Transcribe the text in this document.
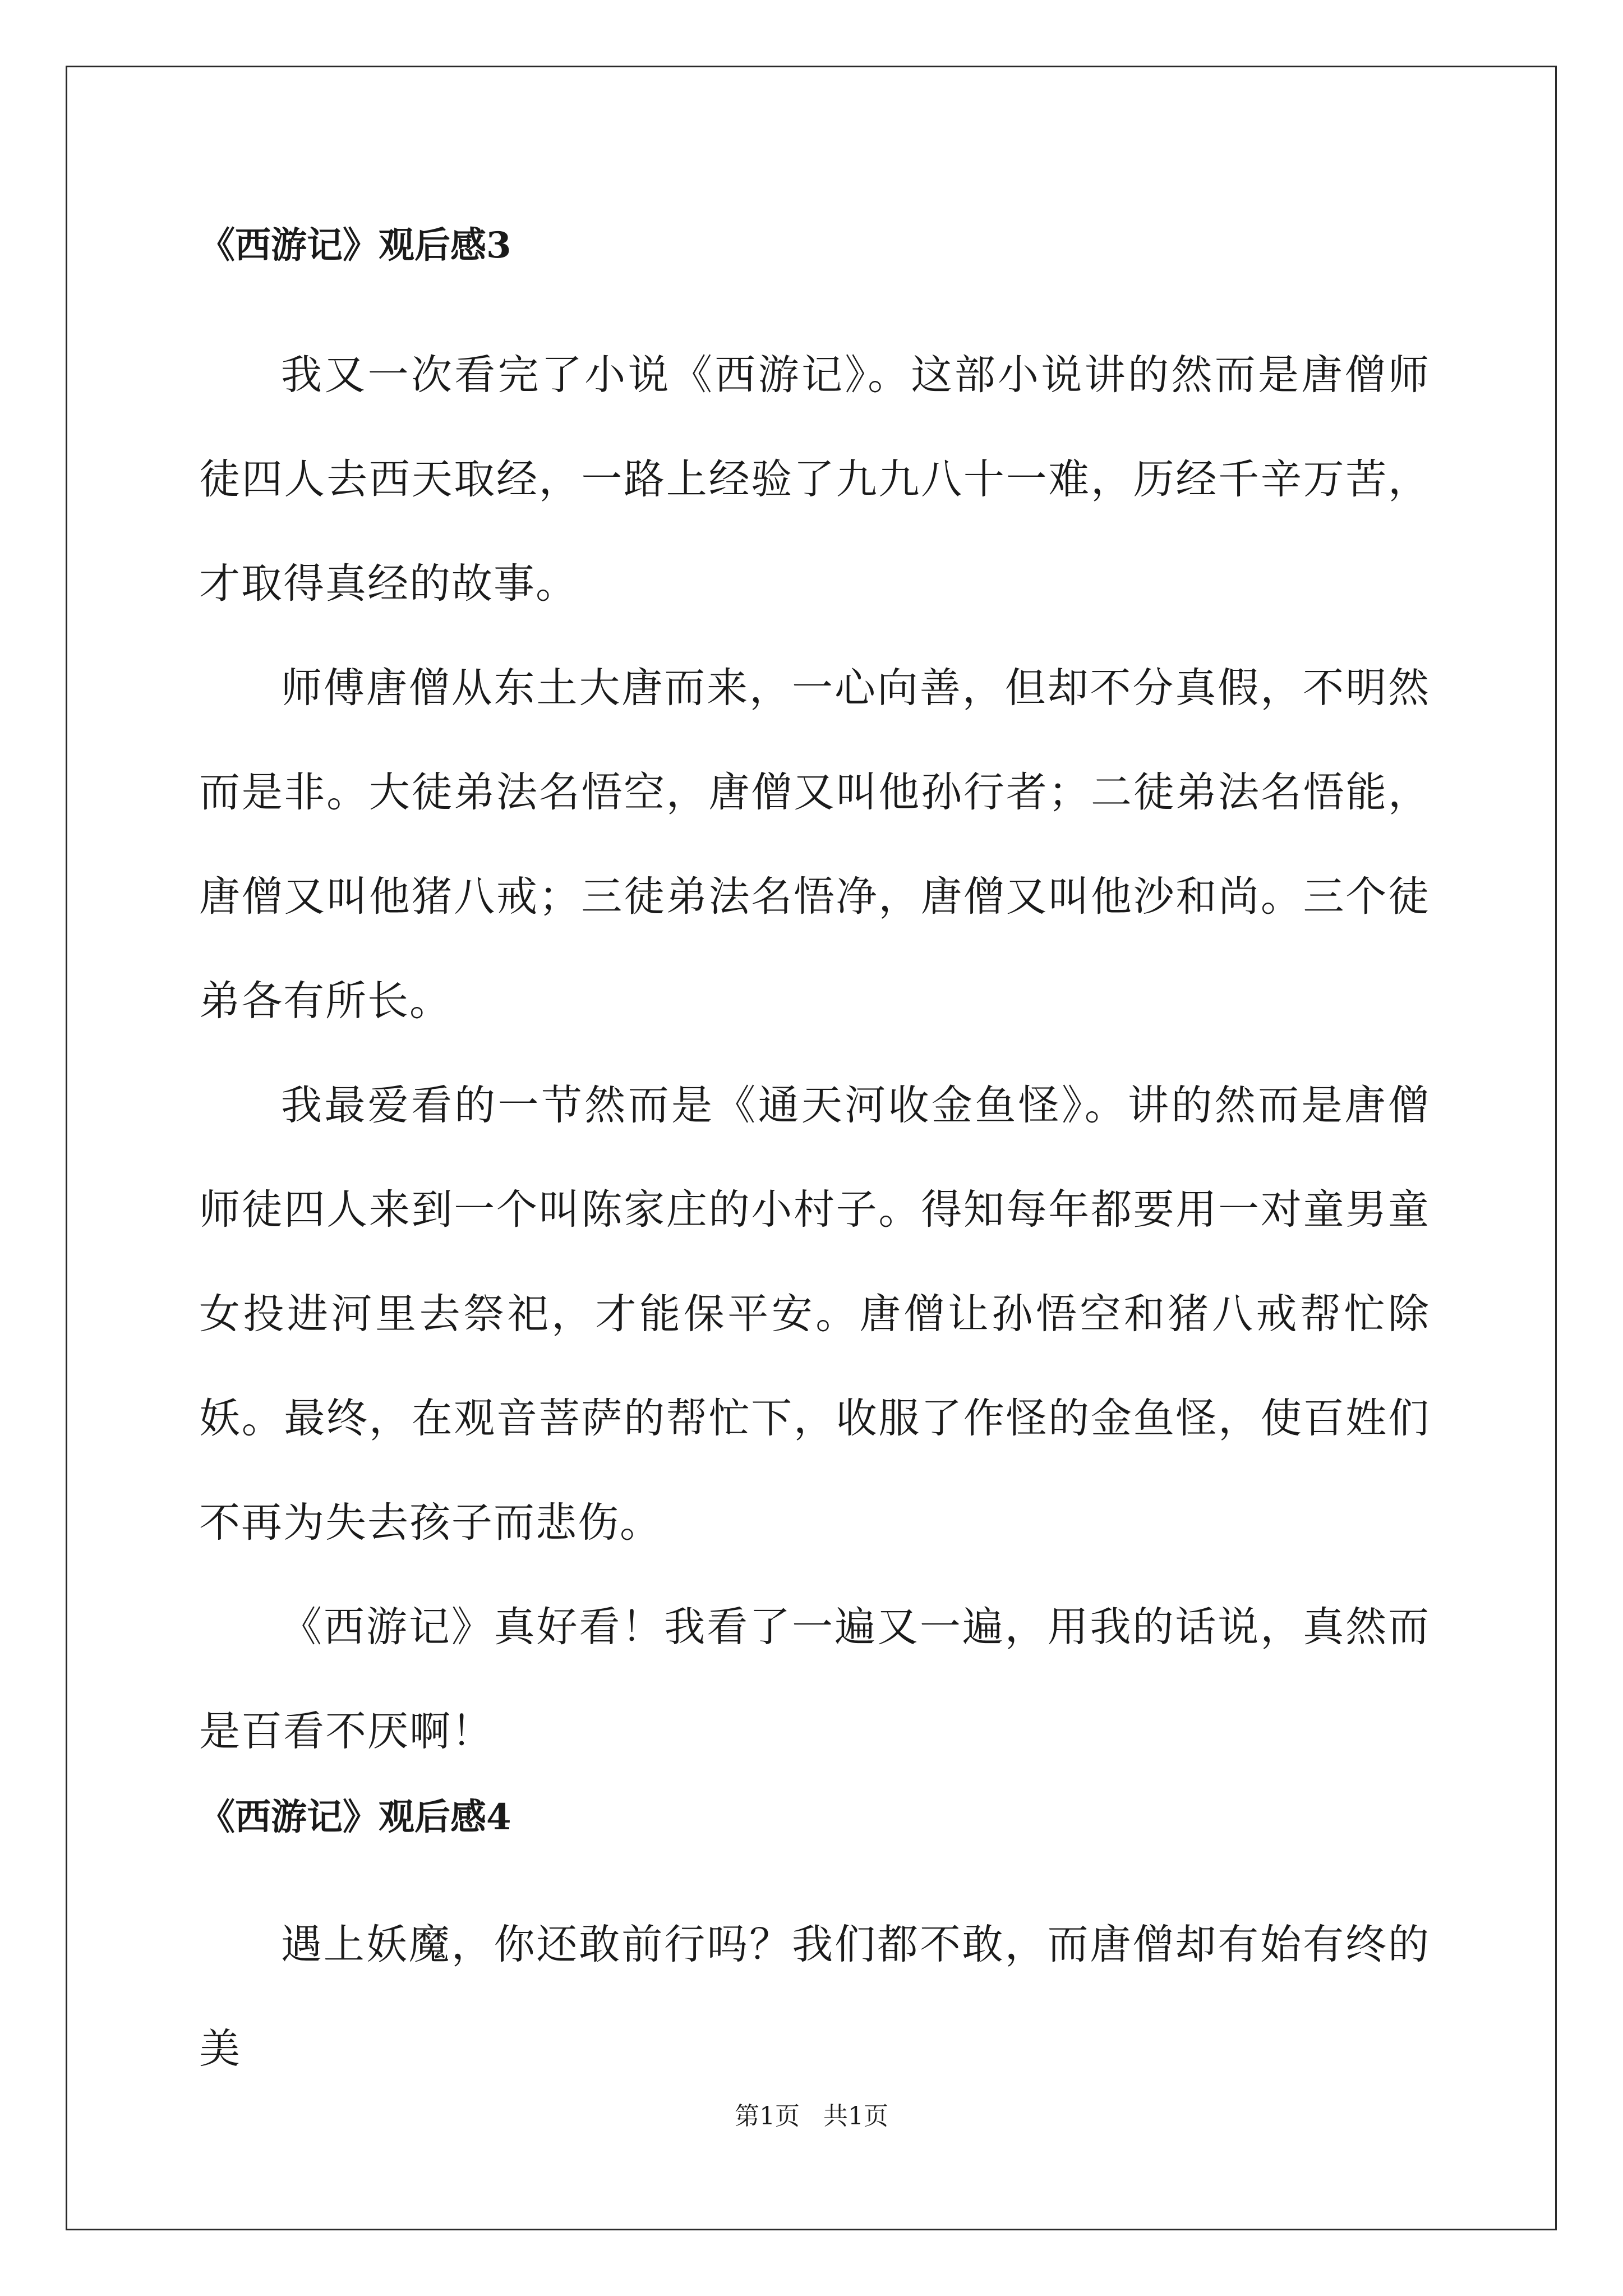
《西游记》观后感3

我又一次看完了小说《西游记》。这部小说讲的然而是唐僧师徒四人去西天取经，一路上经验了九九八十一难，历经千辛万苦，才取得真经的故事。

师傅唐僧从东土大唐而来，一心向善，但却不分真假，不明然而是非。大徒弟法名悟空，唐僧又叫他孙行者；二徒弟法名悟能，唐僧又叫他猪八戒；三徒弟法名悟净，唐僧又叫他沙和尚。三个徒弟各有所长。

我最爱看的一节然而是《通天河收金鱼怪》。讲的然而是唐僧师徒四人来到一个叫陈家庄的小村子。得知每年都要用一对童男童女投进河里去祭祀，才能保平安。唐僧让孙悟空和猪八戒帮忙除妖。最终，在观音菩萨的帮忙下，收服了作怪的金鱼怪，使百姓们不再为失去孩子而悲伤。

《西游记》真好看！我看了一遍又一遍，用我的话说，真然而是百看不厌啊！

《西游记》观后感4

遇上妖魔，你还敢前行吗？我们都不敢，而唐僧却有始有终的美

第1页   共1页
